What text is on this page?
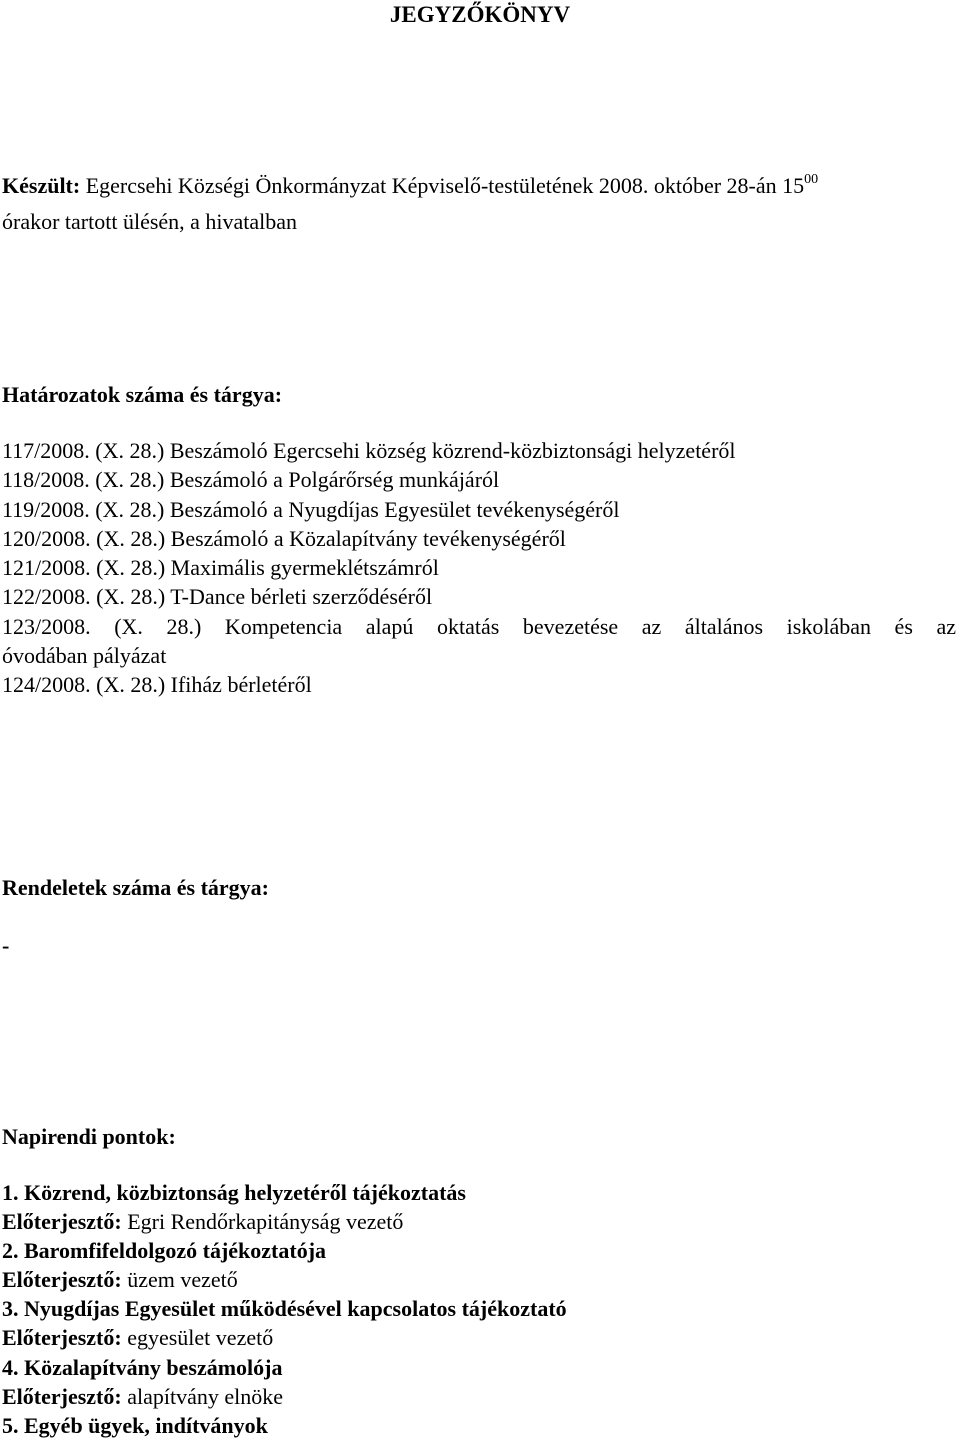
JEGYZŐKÖNYV
Készült: Egercsehi Községi Önkormányzat Képviselő-testületének 2008. október 28-án $15^{00}$
órakor tartott ülésén, a hivatalban
Határozatok száma és tárgya:
117/2008. (X. 28.) Beszámoló Egercsehi község közrend-közbiztonsági helyzetéről
118/2008. (X. 28.) Beszámoló a Polgárőrség munkájáról
119/2008. (X. 28.) Beszámoló a Nyugdíjas Egyesület tevékenységéről
120/2008. (X. 28.) Beszámoló a Közalapítvány tevékenységéről
121/2008. (X. 28.) Maximális gyermeklétszámról
122/2008. (X. 28.) T-Dance bérleti szerződéséről
123/2008. (X. 28.) Kompetencia alapú oktatás bevezetése az általános iskolában és az
óvodában pályázat
124/2008. (X. 28.) Ifiház bérletéről
Rendeletek száma és tárgya:
-
Napirendi pontok:
1. Közrend, közbiztonság helyzetéről tájékoztatás
Előterjesztő: Egri Rendőrkapitányság vezető
2. Baromfifeldolgozó tájékoztatója
Előterjesztő: üzem vezető
3. Nyugdíjas Egyesület működésével kapcsolatos tájékoztató
Előterjesztő: egyesület vezető
4. Közalapítvány beszámolója
Előterjesztő: alapítvány elnöke
5. Egyéb ügyek, indítványok
